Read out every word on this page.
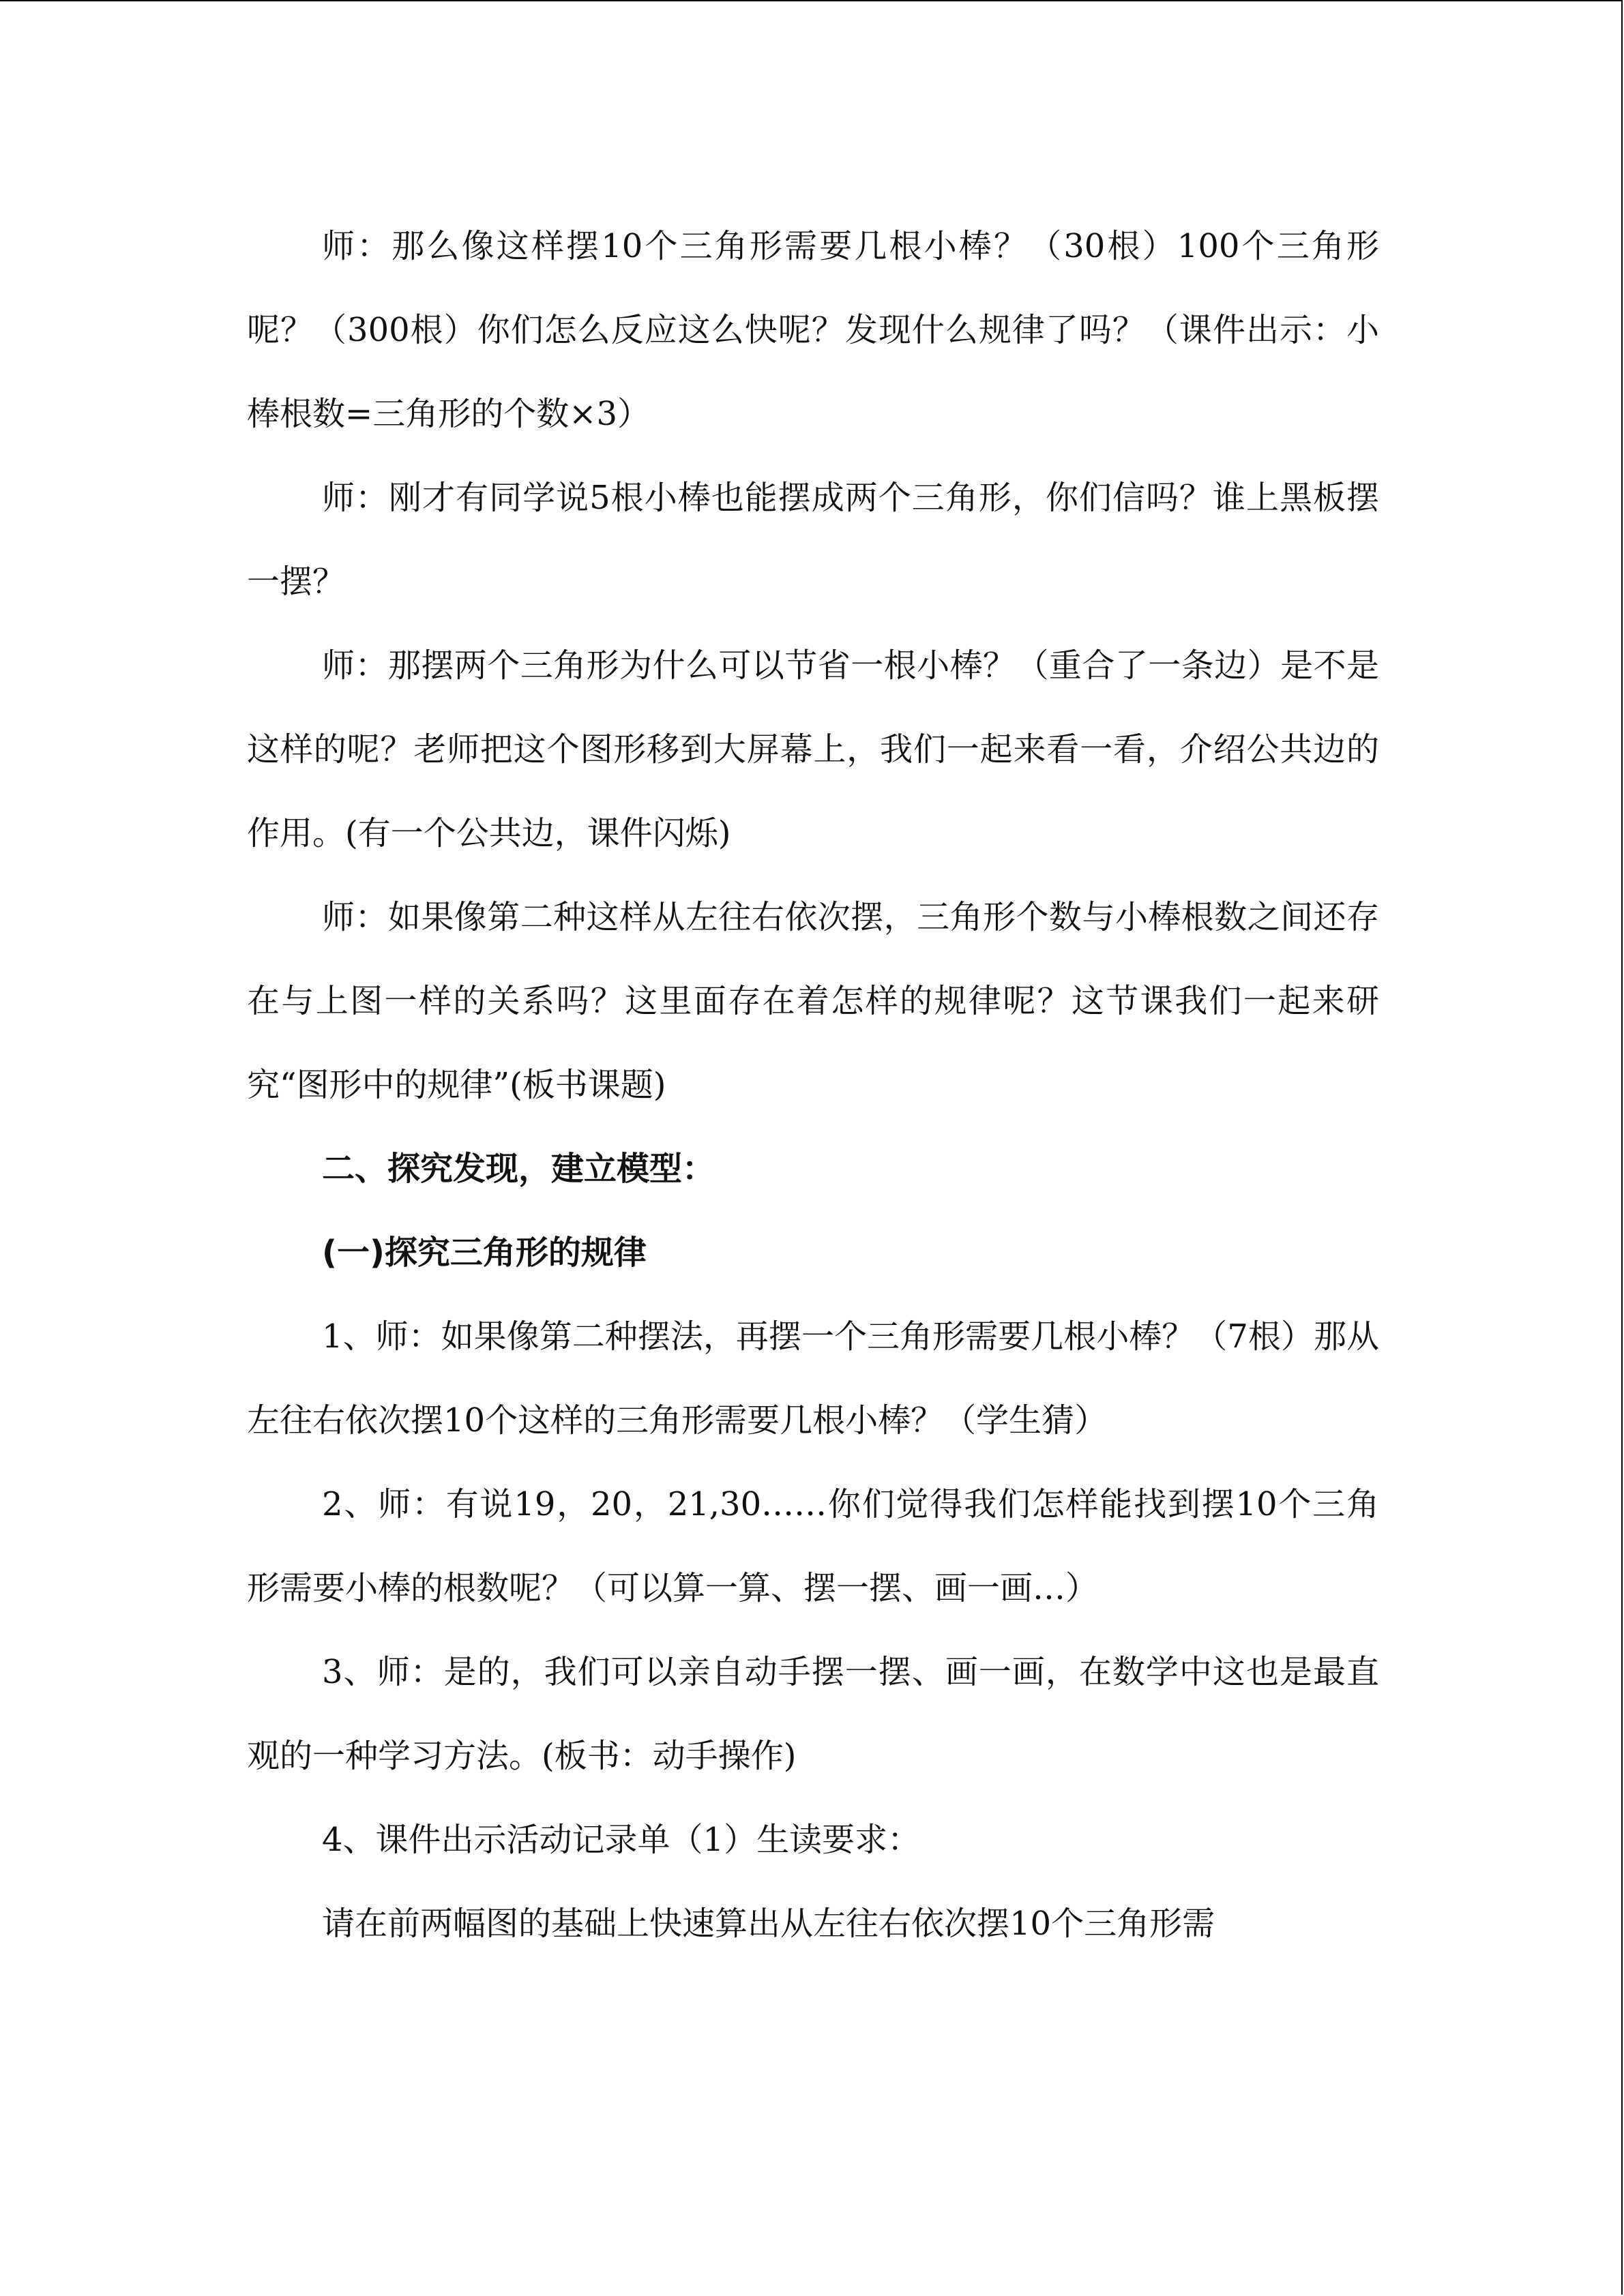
师：那么像这样摆10个三角形需要几根小棒？（30根）100个三角形呢？（300根）你们怎么反应这么快呢？发现什么规律了吗？（课件出示：小棒根数=三角形的个数×3）

师：刚才有同学说5根小棒也能摆成两个三角形，你们信吗？谁上黑板摆一摆？

师：那摆两个三角形为什么可以节省一根小棒？（重合了一条边）是不是这样的呢？老师把这个图形移到大屏幕上，我们一起来看一看，介绍公共边的作用。(有一个公共边，课件闪烁)

师：如果像第二种这样从左往右依次摆，三角形个数与小棒根数之间还存在与上图一样的关系吗？这里面存在着怎样的规律呢？这节课我们一起来研究“图形中的规律”(板书课题)

二、探究发现，建立模型：

(一)探究三角形的规律

1、师：如果像第二种摆法，再摆一个三角形需要几根小棒？（7根）那从左往右依次摆10个这样的三角形需要几根小棒？（学生猜）

2、师：有说19，20，21,30……你们觉得我们怎样能找到摆10个三角形需要小棒的根数呢？（可以算一算、摆一摆、画一画…）

3、师：是的，我们可以亲自动手摆一摆、画一画，在数学中这也是最直观的一种学习方法。(板书：动手操作)

4、课件出示活动记录单（1）生读要求：

请在前两幅图的基础上快速算出从左往右依次摆10个三角形需
